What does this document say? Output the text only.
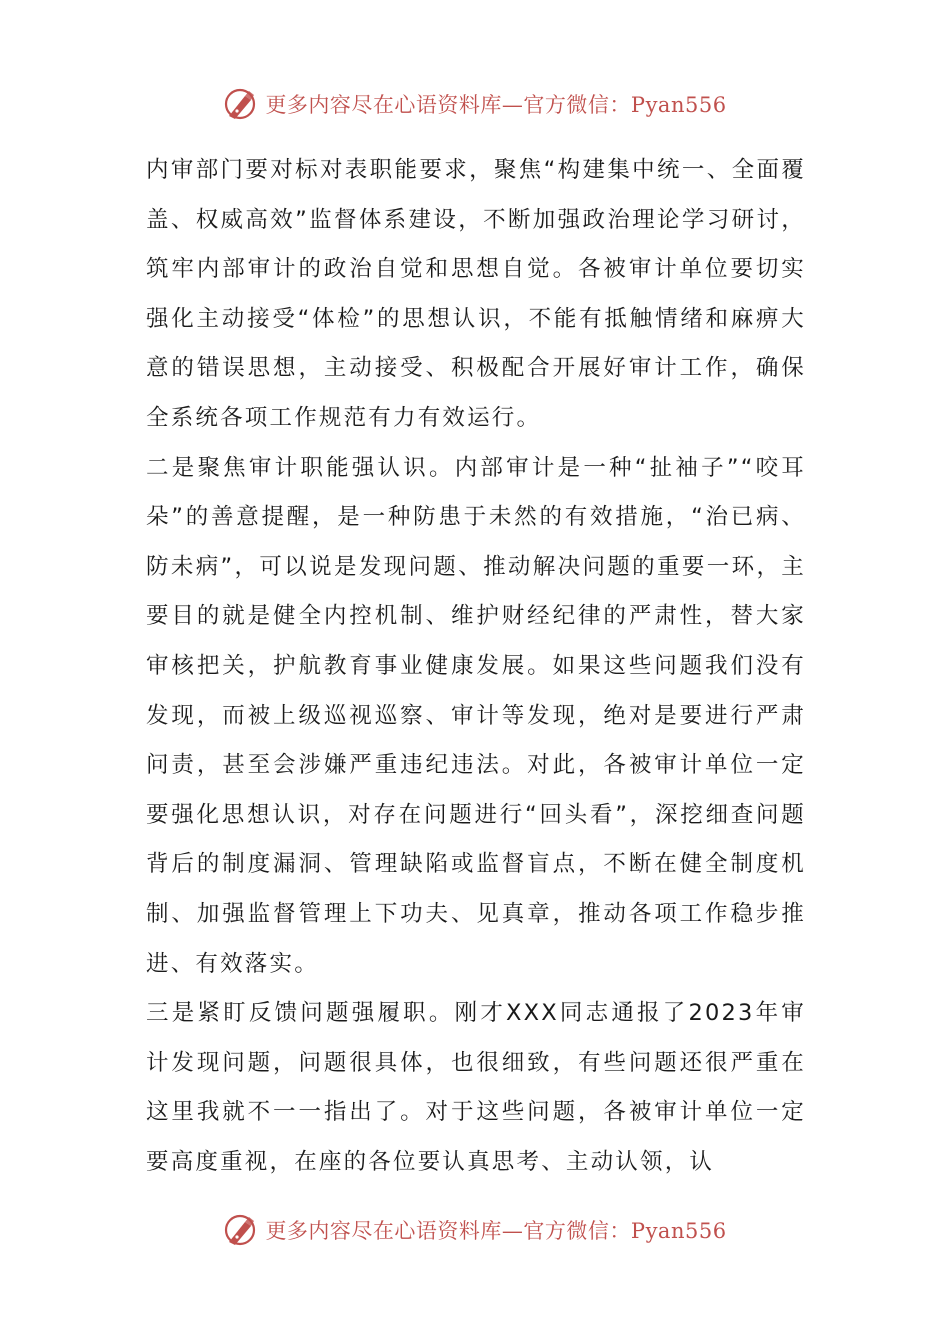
更多内容尽在心语资料库—官方微信：Pyan556

内审部门要对标对表职能要求，聚焦“构建集中统一、全面覆盖、权威高效”监督体系建设，不断加强政治理论学习研讨，筑牢内部审计的政治自觉和思想自觉。各被审计单位要切实强化主动接受“体检”的思想认识，不能有抵触情绪和麻痹大意的错误思想，主动接受、积极配合开展好审计工作，确保全系统各项工作规范有力有效运行。

二是聚焦审计职能强认识。内部审计是一种“扯袖子”“咬耳朵”的善意提醒，是一种防患于未然的有效措施，“治已病、防未病”，可以说是发现问题、推动解决问题的重要一环，主要目的就是健全内控机制、维护财经纪律的严肃性，替大家审核把关，护航教育事业健康发展。如果这些问题我们没有发现，而被上级巡视巡察、审计等发现，绝对是要进行严肃问责，甚至会涉嫌严重违纪违法。对此，各被审计单位一定要强化思想认识，对存在问题进行“回头看”，深挖细查问题背后的制度漏洞、管理缺陷或监督盲点，不断在健全制度机制、加强监督管理上下功夫、见真章，推动各项工作稳步推进、有效落实。

三是紧盯反馈问题强履职。刚才XXX同志通报了2023年审计发现问题，问题很具体，也很细致，有些问题还很严重在这里我就不一一指出了。对于这些问题，各被审计单位一定要高度重视，在座的各位要认真思考、主动认领，认

更多内容尽在心语资料库—官方微信：Pyan556
